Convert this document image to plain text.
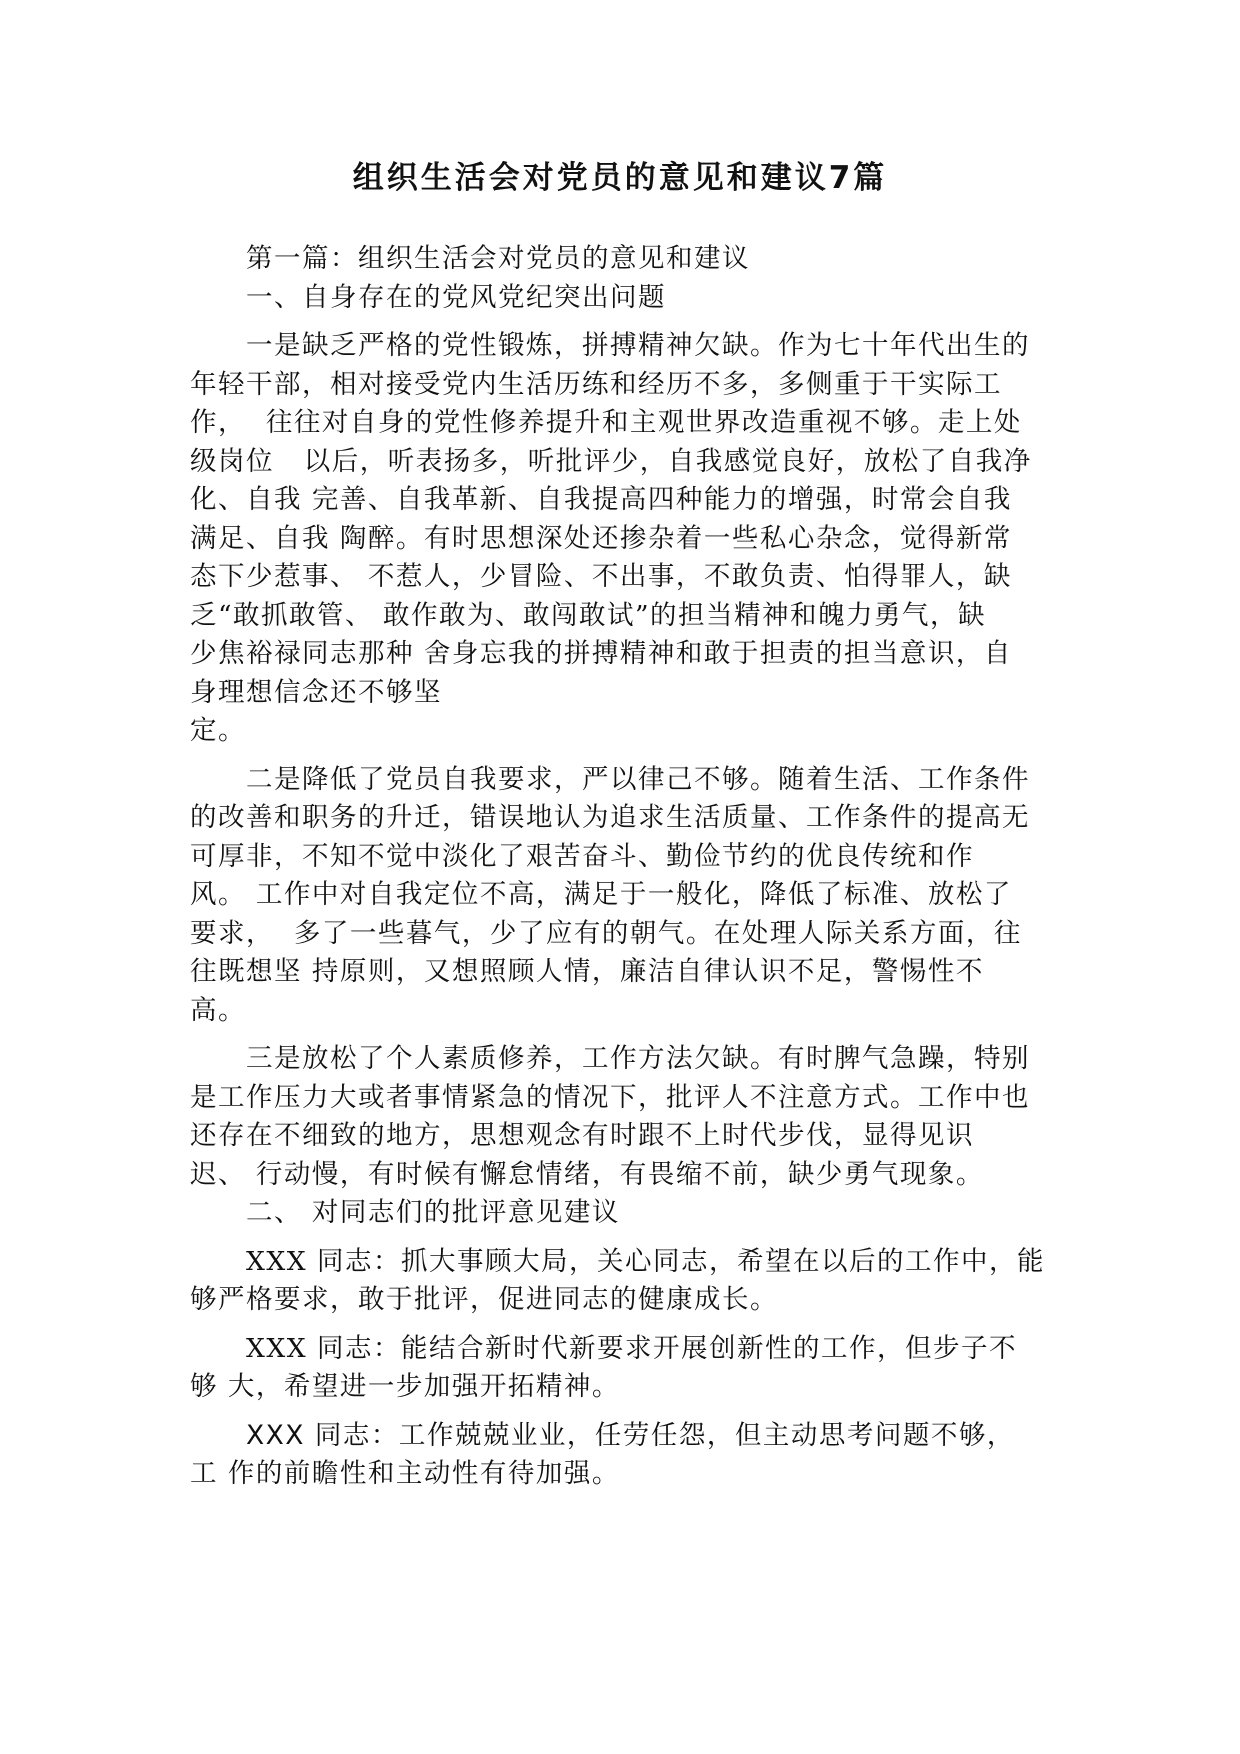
组织生活会对党员的意见和建议7篇
第一篇：组织生活会对党员的意见和建议
一、自身存在的党风党纪突出问题
一是缺乏严格的党性锻炼，拼搏精神欠缺。作为七十年代出生的
年轻干部，相对接受党内生活历练和经历不多，多侧重于干实际工
作，  往往对自身的党性修养提升和主观世界改造重视不够。走上处
级岗位   以后，听表扬多，听批评少，自我感觉良好，放松了自我净
化、自我 完善、自我革新、自我提高四种能力的增强，时常会自我
满足、自我 陶醉。有时思想深处还掺杂着一些私心杂念，觉得新常
态下少惹事、 不惹人，少冒险、不出事，不敢负责、怕得罪人，缺
乏“敢抓敢管、 敢作敢为、敢闯敢试”的担当精神和魄力勇气，缺
少焦裕禄同志那种 舍身忘我的拼搏精神和敢于担责的担当意识，自
身理想信念还不够坚
定。
二是降低了党员自我要求，严以律己不够。随着生活、工作条件
的改善和职务的升迁，错误地认为追求生活质量、工作条件的提高无
可厚非，不知不觉中淡化了艰苦奋斗、勤俭节约的优良传统和作
风。 工作中对自我定位不高，满足于一般化，降低了标准、放松了
要求，  多了一些暮气，少了应有的朝气。在处理人际关系方面，往
往既想坚 持原则，又想照顾人情，廉洁自律认识不足，警惕性不
高。
三是放松了个人素质修养，工作方法欠缺。有时脾气急躁，特别
是工作压力大或者事情紧急的情况下，批评人不注意方式。工作中也
还存在不细致的地方，思想观念有时跟不上时代步伐，显得见识
迟、 行动慢，有时候有懈怠情绪，有畏缩不前，缺少勇气现象。
二、 对同志们的批评意见建议
XXX 同志：抓大事顾大局，关心同志，希望在以后的工作中，能
够严格要求，敢于批评，促进同志的健康成长。
XXX 同志：能结合新时代新要求开展创新性的工作，但步子不
够 大，希望进一步加强开拓精神。
XXX 同志：工作兢兢业业，任劳任怨，但主动思考问题不够，
工 作的前瞻性和主动性有待加强。
